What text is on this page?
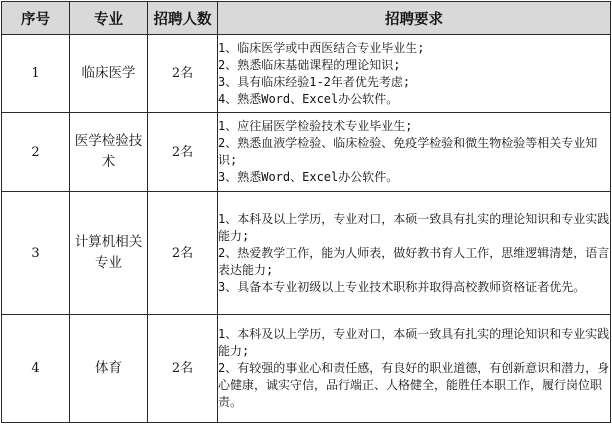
序号	专业	招聘人数	招聘要求
1	临床医学	2名	1、临床医学或中西医结合专业毕业生;
2、熟悉临床基础课程的理论知识;
3、具有临床经验1-2年者优先考虑;
4、熟悉Word、Excel办公软件。

2	医学检验技术	2名	1、应往届医学检验技术专业毕业生;
2、熟悉血液学检验、临床检验、免疫学检验和微生物检验等相关专业知识;
3、熟悉Word、Excel办公软件。

3	计算机相关专业	2名	1、本科及以上学历，专业对口，本硕一致具有扎实的理论知识和专业实践能力;
2、热爱教学工作，能为人师表，做好教书育人工作，思维逻辑清楚，语言表达能力;
3、具备本专业初级以上专业技术职称并取得高校教师资格证者优先。

4	体育	2名	1、本科及以上学历，专业对口，本硕一致具有扎实的理论知识和专业实践能力;
2、有较强的事业心和责任感，有良好的职业道德，有创新意识和潜力，身心健康，诚实守信，品行端正、人格健全，能胜任本职工作，履行岗位职责。
